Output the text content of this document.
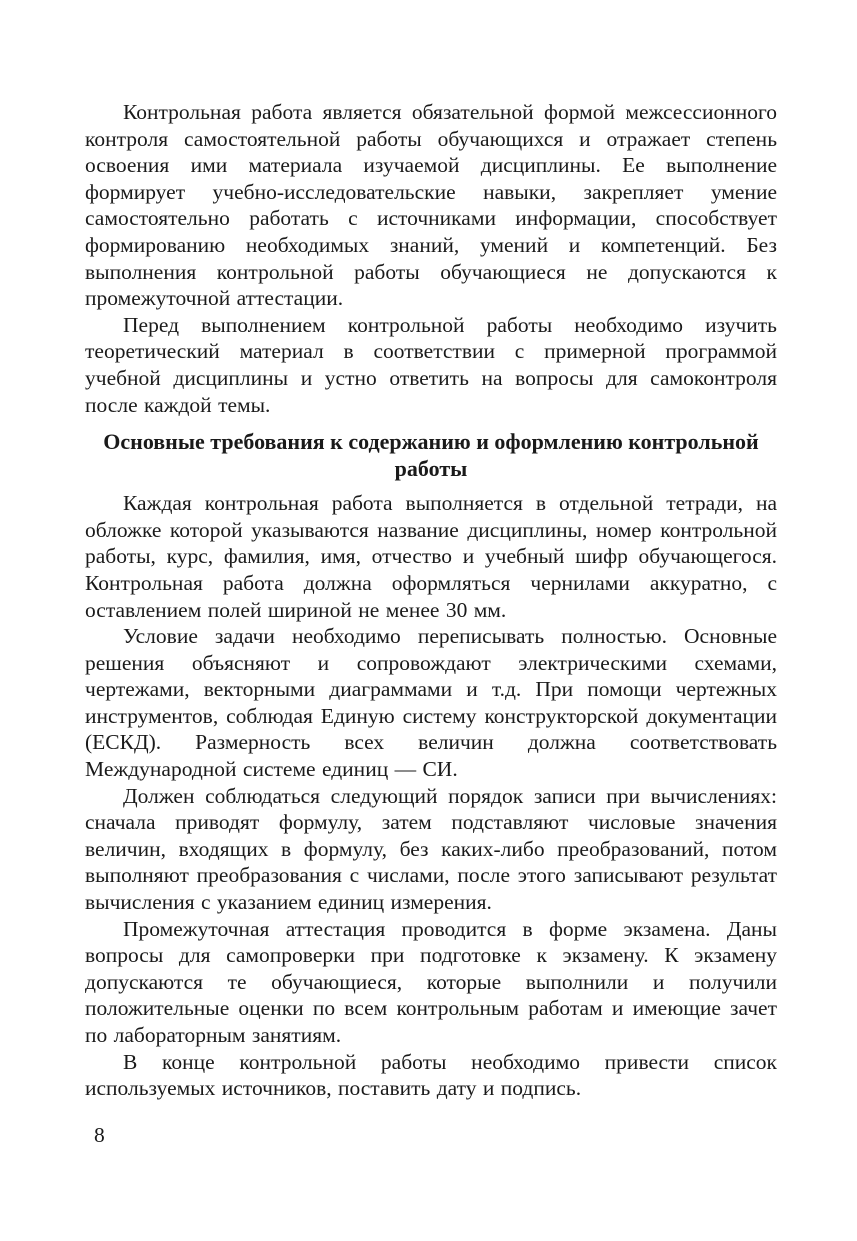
Контрольная работа является обязательной формой межсессионного контроля самостоятельной работы обучающихся и отражает степень освоения ими материала изучаемой дисциплины. Ее выполнение формирует учебно-исследовательские навыки, закрепляет умение самостоятельно работать с источниками информации, способствует формированию необходимых знаний, умений и компетенций. Без выполнения контрольной работы обучающиеся не допускаются к промежуточной аттестации.

Перед выполнением контрольной работы необходимо изучить теоретический материал в соответствии с примерной программой учебной дисциплины и устно ответить на вопросы для самоконтроля после каждой темы.

Основные требования к содержанию и оформлению контрольной работы

Каждая контрольная работа выполняется в отдельной тетради, на обложке которой указываются название дисциплины, номер контрольной работы, курс, фамилия, имя, отчество и учебный шифр обучающегося. Контрольная работа должна оформляться чернилами аккуратно, с оставлением полей шириной не менее 30 мм.

Условие задачи необходимо переписывать полностью. Основные решения объясняют и сопровождают электрическими схемами, чертежами, векторными диаграммами и т.д. При помощи чертежных инструментов, соблюдая Единую систему конструкторской документации (ЕСКД). Размерность всех величин должна соответствовать Международной системе единиц — СИ.

Должен соблюдаться следующий порядок записи при вычислениях: сначала приводят формулу, затем подставляют числовые значения величин, входящих в формулу, без каких-либо преобразований, потом выполняют преобразования с числами, после этого записывают результат вычисления с указанием единиц измерения.

Промежуточная аттестация проводится в форме экзамена. Даны вопросы для самопроверки при подготовке к экзамену. К экзамену допускаются те обучающиеся, которые выполнили и получили положительные оценки по всем контрольным работам и имеющие зачет по лабораторным занятиям.

В конце контрольной работы необходимо привести список используемых источников, поставить дату и подпись.

8
